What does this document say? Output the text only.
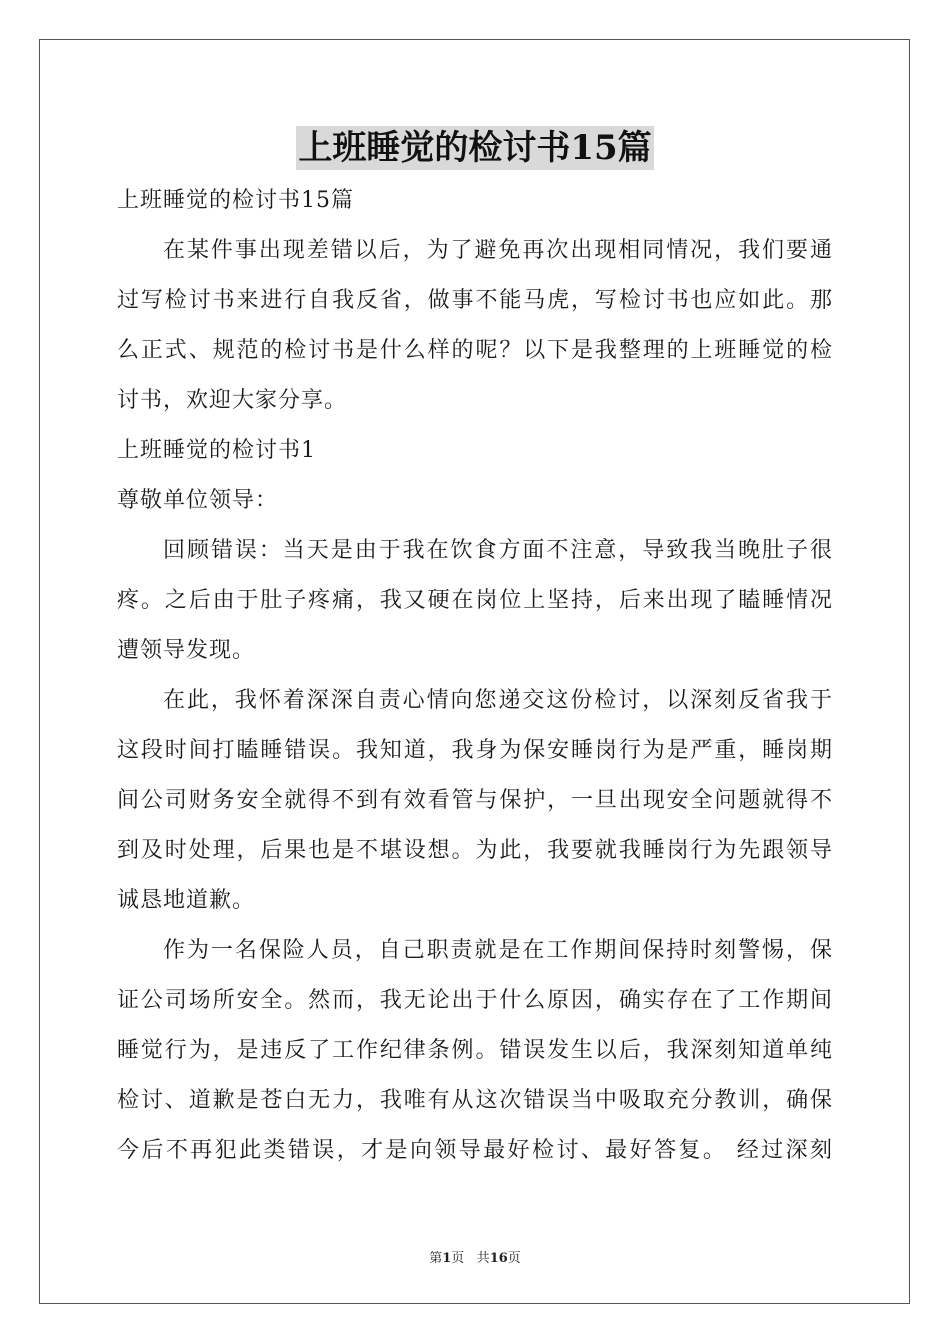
上班睡觉的检讨书15篇
上班睡觉的检讨书15篇
在某件事出现差错以后，为了避免再次出现相同情况，我们要通
过写检讨书来进行自我反省，做事不能马虎，写检讨书也应如此。那
么正式、规范的检讨书是什么样的呢？以下是我整理的上班睡觉的检
讨书，欢迎大家分享。
上班睡觉的检讨书1
尊敬单位领导：
回顾错误：当天是由于我在饮食方面不注意，导致我当晚肚子很
疼。之后由于肚子疼痛，我又硬在岗位上坚持，后来出现了瞌睡情况
遭领导发现。
在此，我怀着深深自责心情向您递交这份检讨，以深刻反省我于
这段时间打瞌睡错误。我知道，我身为保安睡岗行为是严重，睡岗期
间公司财务安全就得不到有效看管与保护，一旦出现安全问题就得不
到及时处理，后果也是不堪设想。为此，我要就我睡岗行为先跟领导
诚恳地道歉。
作为一名保险人员，自己职责就是在工作期间保持时刻警惕，保
证公司场所安全。然而，我无论出于什么原因，确实存在了工作期间
睡觉行为，是违反了工作纪律条例。错误发生以后，我深刻知道单纯
检讨、道歉是苍白无力，我唯有从这次错误当中吸取充分教训，确保
今后不再犯此类错误，才是向领导最好检讨、最好答复。 经过深刻
第1页 共16页
